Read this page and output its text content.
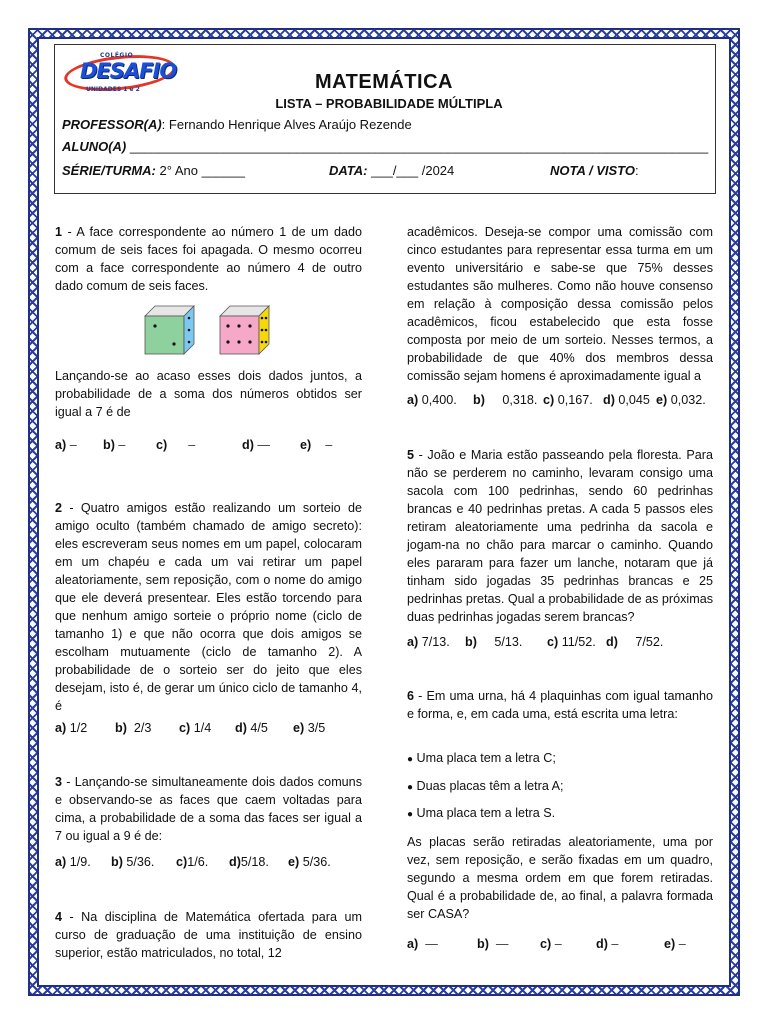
COLÉGIO
DESAFIO
UNIDADES 1 e 2	MATEMÁTICA
LISTA – PROBABILIDADE MÚLTIPLA
PROFESSOR(A): Fernando Henrique Alves Araújo Rezende
ALUNO(A) ________________________________________________________________________________
SÉRIE/TURMA: 2° Ano ______	DATA: ___/___ /2024	NOTA / VISTO:

1 - A face correspondente ao número 1 de um dado comum de seis faces foi apagada. O mesmo ocorreu com a face correspondente ao número 4 de outro dado comum de seis faces.

Lançando-se ao acaso esses dois dados juntos, a probabilidade de a soma dos números obtidos ser igual a 7 é de

a) – b) – c) –	d) — e) –

2 - Quatro amigos estão realizando um sorteio de amigo oculto (também chamado de amigo secreto): eles escreveram seus nomes em um papel, colocaram em um chapéu e cada um vai retirar um papel aleatoriamente, sem reposição, com o nome do amigo que ele deverá presentear. Eles estão torcendo para que nenhum amigo sorteie o próprio nome (ciclo de tamanho 1) e que não ocorra que dois amigos se escolham mutuamente (ciclo de tamanho 2). A probabilidade de o sorteio ser do jeito que eles desejam, isto é, de gerar um único ciclo de tamanho 4, é

a) 1/2 b) 2/3 c) 1/4 d) 4/5 e) 3/5

3 - Lançando-se simultaneamente dois dados comuns e observando-se as faces que caem voltadas para cima, a probabilidade de a soma das faces ser igual a 7 ou igual a 9 é de:

a) 1/9. b) 5/36. c)1/6. d)5/18. e) 5/36.

4 - Na disciplina de Matemática ofertada para um curso de graduação de uma instituição de ensino superior, estão matriculados, no total, 12

acadêmicos. Deseja-se compor uma comissão com cinco estudantes para representar essa turma em um evento universitário e sabe-se que 75% desses estudantes são mulheres. Como não houve consenso em relação à composição dessa comissão pelos acadêmicos, ficou estabelecido que esta fosse composta por meio de um sorteio. Nesses termos, a probabilidade de que 40% dos membros dessa comissão sejam homens é aproximadamente igual a

a) 0,400. b) 0,318. c) 0,167. d) 0,045 e) 0,032.

5 - João e Maria estão passeando pela floresta. Para não se perderem no caminho, levaram consigo uma sacola com 100 pedrinhas, sendo 60 pedrinhas brancas e 40 pedrinhas pretas. A cada 5 passos eles retiram aleatoriamente uma pedrinha da sacola e jogam-na no chão para marcar o caminho. Quando eles pararam para fazer um lanche, notaram que já tinham sido jogadas 35 pedrinhas brancas e 25 pedrinhas pretas. Qual a probabilidade de as próximas duas pedrinhas jogadas serem brancas?

a) 7/13. b) 5/13. c) 11/52. d) 7/52.

6 - Em uma urna, há 4 plaquinhas com igual tamanho e forma, e, em cada uma, está escrita uma letra:

● Uma placa tem a letra C;
● Duas placas têm a letra A;
● Uma placa tem a letra S.

As placas serão retiradas aleatoriamente, uma por vez, sem reposição, e serão fixadas em um quadro, segundo a mesma ordem em que forem retiradas. Qual é a probabilidade de, ao final, a palavra formada ser CASA?

a) —	b) —	c) –	d) –	e) –
